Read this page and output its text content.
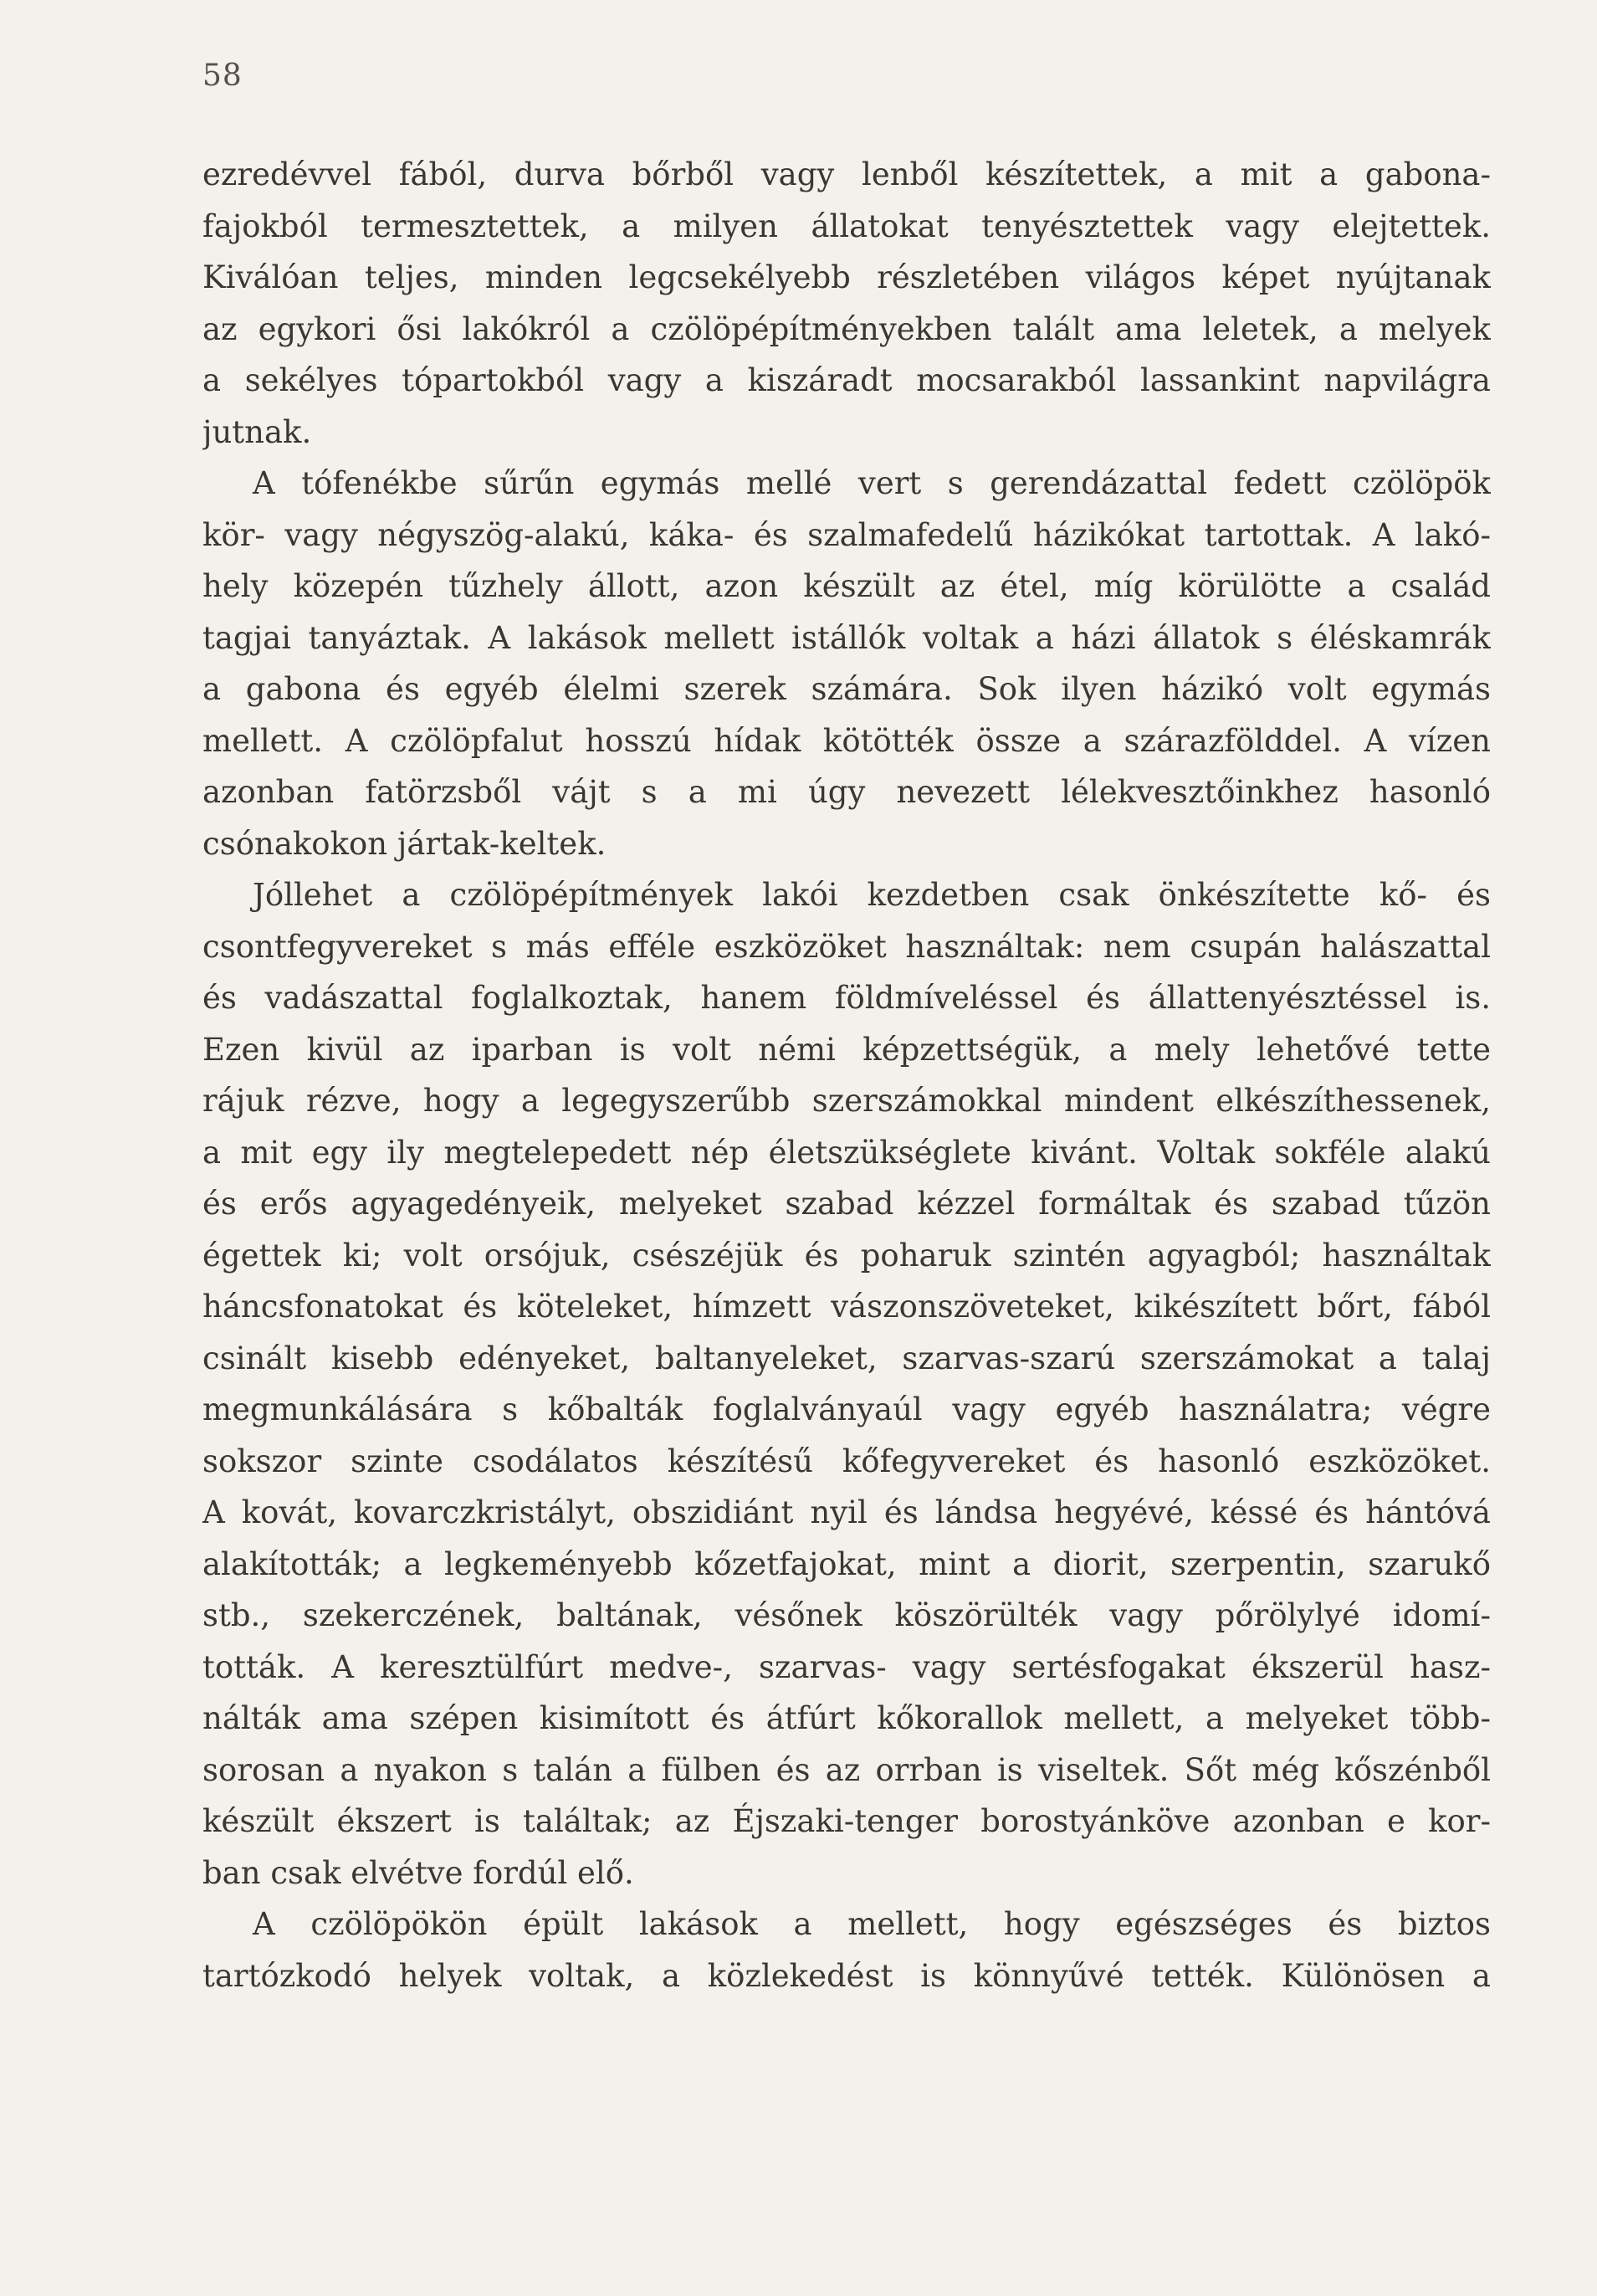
58
ezredévvel fából, durva bőrből vagy lenből készítettek, a mit a gabona-
fajokból termesztettek, a milyen állatokat tenyésztettek vagy elejtettek.
Kiválóan teljes, minden legcsekélyebb részletében világos képet nyújtanak
az egykori ősi lakókról a czölöpépítményekben talált ama leletek, a melyek
a sekélyes tópartokból vagy a kiszáradt mocsarakból lassankint napvilágra
jutnak.
A tófenékbe sűrűn egymás mellé vert s gerendázattal fedett czölöpök
kör- vagy négyszög-alakú, káka- és szalmafedelű házikókat tartottak. A lakó-
hely közepén tűzhely állott, azon készült az étel, míg körülötte a család
tagjai tanyáztak. A lakások mellett istállók voltak a házi állatok s éléskamrák
a gabona és egyéb élelmi szerek számára. Sok ilyen házikó volt egymás
mellett. A czölöpfalut hosszú hídak kötötték össze a szárazfölddel. A vízen
azonban fatörzsből vájt s a mi úgy nevezett lélekvesztőinkhez hasonló
csónakokon jártak-keltek.
Jóllehet a czölöpépítmények lakói kezdetben csak önkészítette kő- és
csontfegyvereket s más efféle eszközöket használtak: nem csupán halászattal
és vadászattal foglalkoztak, hanem földmíveléssel és állattenyésztéssel is.
Ezen kivül az iparban is volt némi képzettségük, a mely lehetővé tette
rájuk rézve, hogy a legegyszerűbb szerszámokkal mindent elkészíthessenek,
a mit egy ily megtelepedett nép életszükséglete kivánt. Voltak sokféle alakú
és erős agyagedényeik, melyeket szabad kézzel formáltak és szabad tűzön
égettek ki; volt orsójuk, csészéjük és poharuk szintén agyagból; használtak
háncsfonatokat és köteleket, hímzett vászonszöveteket, kikészített bőrt, fából
csinált kisebb edényeket, baltanyeleket, szarvas-szarú szerszámokat a talaj
megmunkálására s kőbalták foglalványaúl vagy egyéb használatra; végre
sokszor szinte csodálatos készítésű kőfegyvereket és hasonló eszközöket.
A kovát, kovarczkristályt, obszidiánt nyil és lándsa hegyévé, késsé és hántóvá
alakították; a legkeményebb kőzetfajokat, mint a diorit, szerpentin, szarukő
stb., szekerczének, baltának, vésőnek köszörülték vagy pőrölylyé idomí-
tották. A keresztülfúrt medve-, szarvas- vagy sertésfogakat ékszerül hasz-
nálták ama szépen kisimított és átfúrt kőkorallok mellett, a melyeket több-
sorosan a nyakon s talán a fülben és az orrban is viseltek. Sőt még kőszénből
készült ékszert is találtak; az Éjszaki-tenger borostyánköve azonban e kor-
ban csak elvétve fordúl elő.
A czölöpökön épült lakások a mellett, hogy egészséges és biztos
tartózkodó helyek voltak, a közlekedést is könnyűvé tették. Különösen a
